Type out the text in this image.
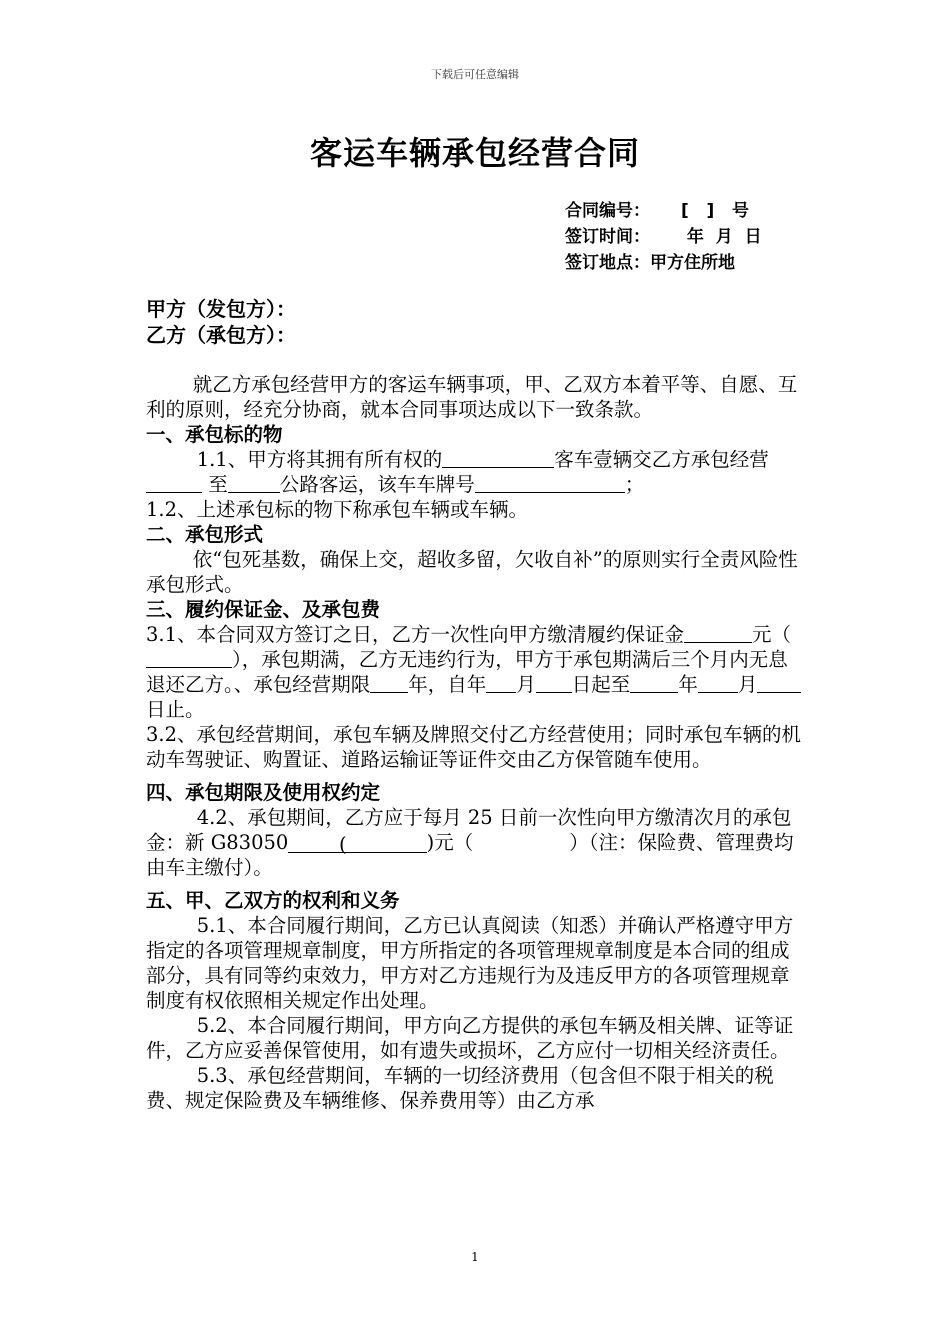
下载后可任意编辑
客运车辆承包经营合同
合同编号： [   ]   号
签订时间： 年  月  日
签订地点：甲方住所地
甲方（发包方）：
乙方（承包方）：

就乙方承包经营甲方的客运车辆事项，甲、乙双方本着平等、自愿、互利的原则，经充分协商，就本合同事项达成以下一致条款。

一、承包标的物

1.1、甲方将其拥有所有权的	客车壹辆交乙方承包经营 至	公路客运，该车车牌号	；

1.2、上述承包标的物下称承包车辆或车辆。

二、承包形式

依“包死基数，确保上交，超收多留，欠收自补”的原则实行全责风险性承包形式。

三、履约保证金、及承包费

3.1、本合同双方签订之日，乙方一次性向甲方缴清履约保证金	元（），承包期满，乙方无违约行为，甲方于承包期满后三个月内无息退还乙方。、承包经营期限 年，自年 月 日起至 年 月日止。

3.2、承包经营期间，承包车辆及牌照交付乙方经营使用；同时承包车辆的机动车驾驶证、购置证、道路运输证等证件交由乙方保管随车使用。

四、承包期限及使用权约定

4.2、承包期间，乙方应于每月 25 日前一次性向甲方缴清次月的承包金：新 G83050	(	)元（	）（注：保险费、管理费均由车主缴付）。

五、甲、乙双方的权利和义务

5.1、本合同履行期间，乙方已认真阅读（知悉）并确认严格遵守甲方指定的各项管理规章制度，甲方所指定的各项管理规章制度是本合同的组成部分，具有同等约束效力，甲方对乙方违规行为及违反甲方的各项管理规章制度有权依照相关规定作出处理。

5.2、本合同履行期间，甲方向乙方提供的承包车辆及相关牌、证等证件，乙方应妥善保管使用，如有遗失或损坏，乙方应付一切相关经济责任。

5.3、承包经营期间，车辆的一切经济费用（包含但不限于相关的税费、规定保险费及车辆维修、保养费用等）由乙方承

1
